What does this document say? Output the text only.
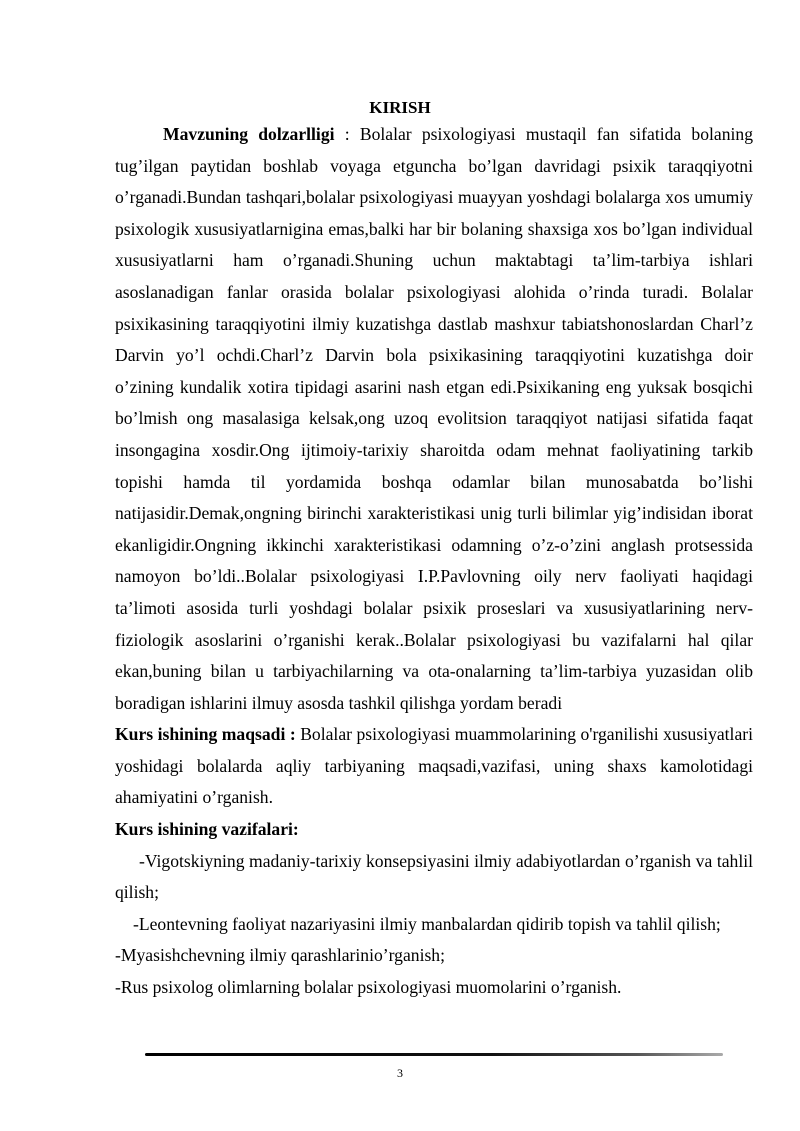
KIRISH

Mavzuning dolzarlligi : Bolalar psixologiyasi mustaqil fan sifatida bolaning tug’ilgan paytidan boshlab voyaga etguncha bo’lgan davridagi psixik taraqqiyotni o’rganadi.Bundan tashqari,bolalar psixologiyasi muayyan yoshdagi bolalarga xos umumiy psixologik xususiyatlarnigina emas,balki har bir bolaning shaxsiga xos bo’lgan individual xususiyatlarni ham o’rganadi.Shuning uchun maktabtagi ta’lim-tarbiya ishlari asoslanadigan fanlar orasida bolalar psixologiyasi alohida o’rinda turadi. Bolalar psixikasining taraqqiyotini ilmiy kuzatishga dastlab mashxur tabiatshonoslardan Charl’z Darvin yo’l ochdi.Charl’z Darvin bola psixikasining taraqqiyotini kuzatishga doir o’zining kundalik xotira tipidagi asarini nash etgan edi.Psixikaning eng yuksak bosqichi bo’lmish ong masalasiga kelsak,ong uzoq evolitsion taraqqiyot natijasi sifatida faqat insongagina xosdir.Ong ijtimoiy-tarixiy sharoitda odam mehnat faoliyatining tarkib topishi hamda til yordamida boshqa odamlar bilan munosabatda bo’lishi natijasidir.Demak,ongning birinchi xarakteristikasi unig turli bilimlar yig’indisidan iborat ekanligidir.Ongning ikkinchi xarakteristikasi odamning o’z-o’zini anglash protsessida namoyon bo’ldi..Bolalar psixologiyasi I.P.Pavlovning oily nerv faoliyati haqidagi ta’limoti asosida turli yoshdagi bolalar psixik proseslari va xususiyatlarining nerv-fiziologik asoslarini o’rganishi kerak..Bolalar psixologiyasi bu vazifalarni hal qilar ekan,buning bilan u tarbiyachilarning va ota-onalarning ta’lim-tarbiya yuzasidan olib boradigan ishlarini ilmuy asosda tashkil qilishga yordam beradi

Kurs ishining maqsadi : Bolalar psixologiyasi muammolarining o'rganilishi xususiyatlari yoshidagi bolalarda aqliy tarbiyaning maqsadi,vazifasi, uning shaxs kamolotidagi ahamiyatini o’rganish.

Kurs ishining vazifalari:

-Vigotskiyning madaniy-tarixiy konsepsiyasini ilmiy adabiyotlardan o’rganish va tahlil qilish;

-Leontevning faoliyat nazariyasini ilmiy manbalardan qidirib topish va tahlil qilish;

-Myasishchevning ilmiy qarashlarinio’rganish;

-Rus psixolog olimlarning bolalar psixologiyasi muomolarini o’rganish.

3
